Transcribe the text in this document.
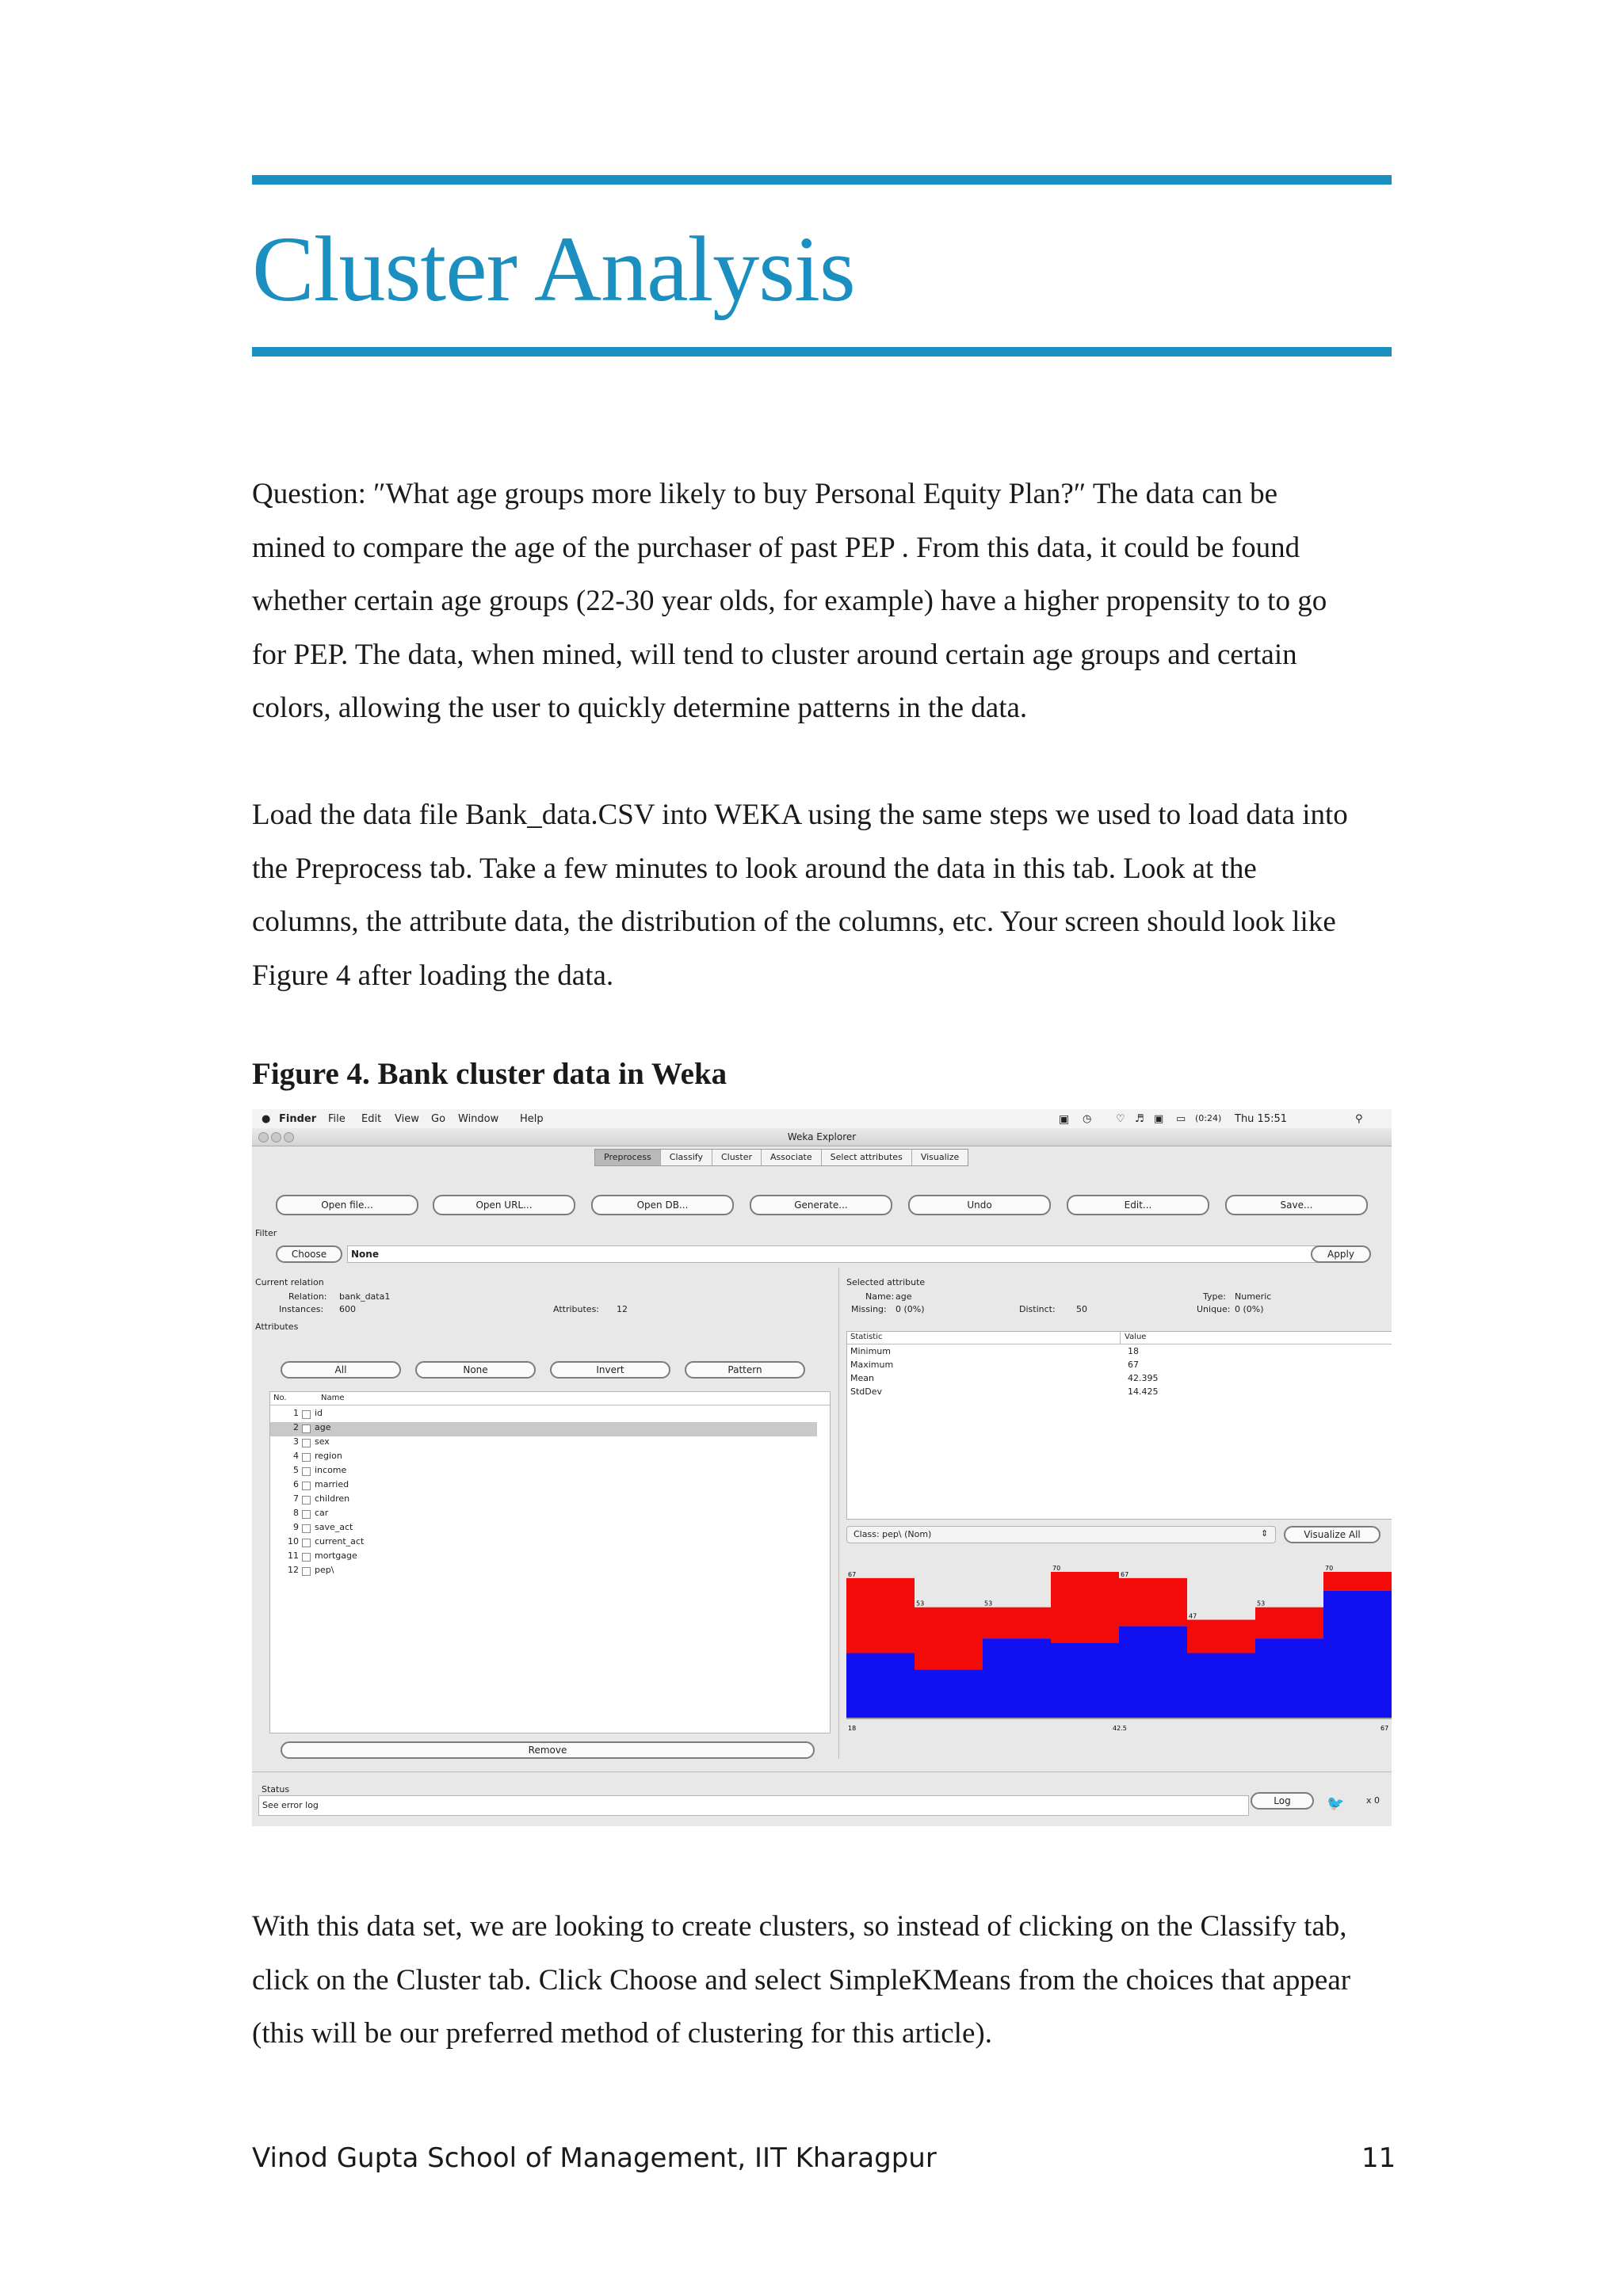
Cluster Analysis

Question: ″What age groups more likely to buy Personal Equity Plan?″ The data can be
mined to compare the age of the purchaser of past PEP . From this data, it could be found
whether certain age groups (22-30 year olds, for example) have a higher propensity to to go
for PEP. The data, when mined, will tend to cluster around certain age groups and certain
colors, allowing the user to quickly determine patterns in the data.

Load the data file Bank_data.CSV into WEKA using the same steps we used to load data into
the Preprocess tab. Take a few minutes to look around the data in this tab. Look at the
columns, the attribute data, the distribution of the columns, etc. Your screen should look like
Figure 4 after loading the data.

Figure 4. Bank cluster data in Weka

● Finder File Edit View Go Window Help	▣ ◷ ♡ ♬ ▣ ▭ (0:24) Thu 15:51	⚲
Weka Explorer
Preprocess	Classify	Cluster	Associate	Select attributes	Visualize
Open file...	Open URL...	Open DB...	Generate...	Undo	Edit...	Save...
Filter
Choose	None	Apply
Current relation
Relation: bank_data1
Instances: 600	Attributes: 12
Attributes
All	None	Invert	Pattern
No.	Name
1 id
2 age
3 sex
4 region
5 income
6 married
7 children
8 car
9 save_act
10 current_act
11 mortgage
12 pep\
Remove
Selected attribute
Name: age	Type: Numeric
Missing: 0 (0%)	Distinct: 50	Unique: 0 (0%)
Statistic	Value
Minimum	18
Maximum	67
Mean	42.395
StdDev	14.425
Class: pep\ (Nom)	⇕	Visualize All
67
53	53
70
67
47
53
70
18	42.5	67
Status
See error log	Log	🐦	x 0

With this data set, we are looking to create clusters, so instead of clicking on the Classify tab,
click on the Cluster tab. Click Choose and select SimpleKMeans from the choices that appear
(this will be our preferred method of clustering for this article).

Vinod Gupta School of Management, IIT Kharagpur	11
